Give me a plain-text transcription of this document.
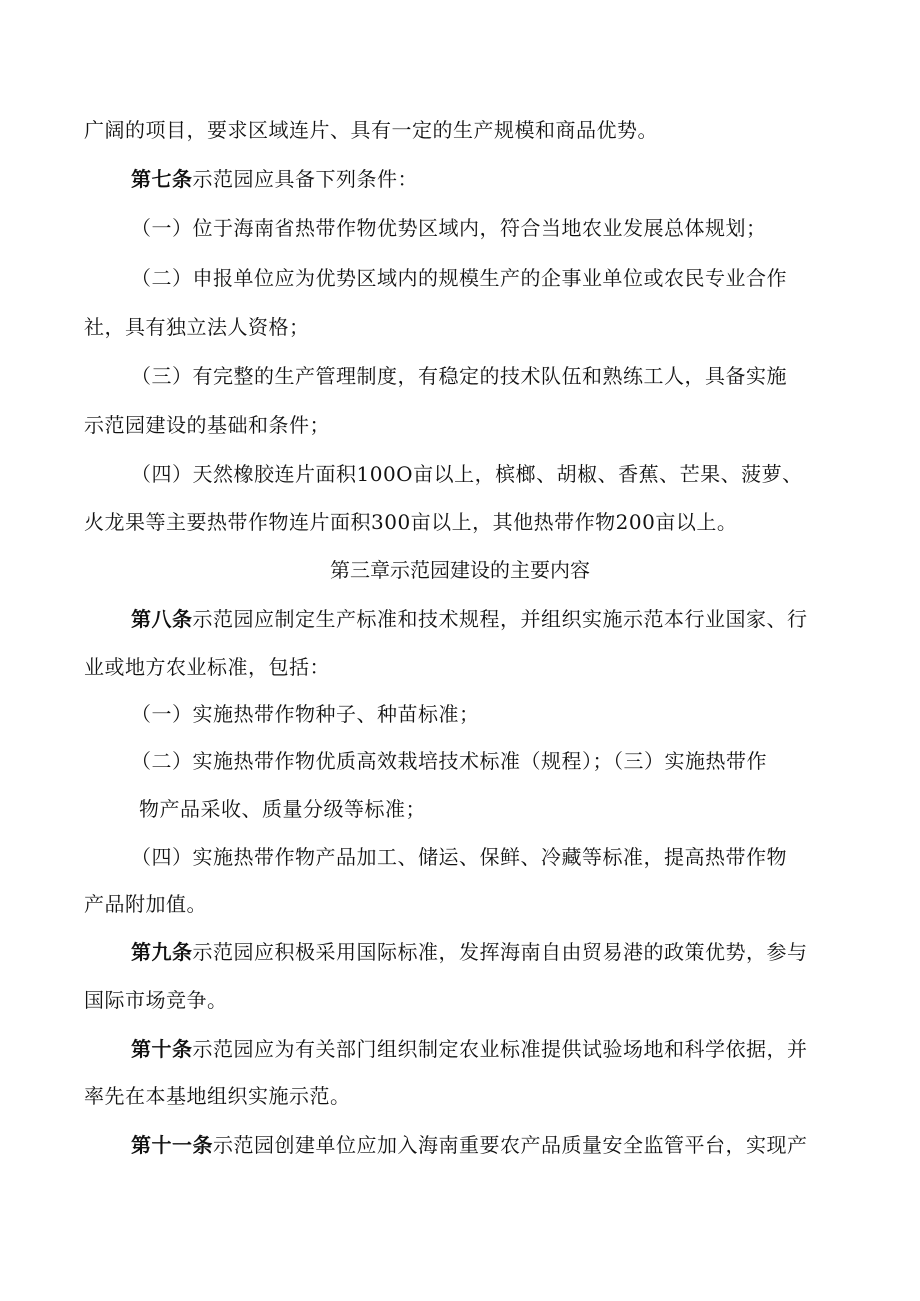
广阔的项目，要求区域连片、具有一定的生产规模和商品优势。

第七条示范园应具备下列条件：

（一）位于海南省热带作物优势区域内，符合当地农业发展总体规划；

（二）申报单位应为优势区域内的规模生产的企事业单位或农民专业合作

社，具有独立法人资格；

（三）有完整的生产管理制度，有稳定的技术队伍和熟练工人，具备实施

示范园建设的基础和条件；

（四）天然橡胶连片面积100O亩以上，槟榔、胡椒、香蕉、芒果、菠萝、

火龙果等主要热带作物连片面积300亩以上，其他热带作物200亩以上。

第三章示范园建设的主要内容

第八条示范园应制定生产标准和技术规程，并组织实施示范本行业国家、行

业或地方农业标准，包括：

（一）实施热带作物种子、种苗标准；

（二）实施热带作物优质高效栽培技术标准（规程）；（三）实施热带作

物产品采收、质量分级等标准；

（四）实施热带作物产品加工、储运、保鲜、冷藏等标准，提高热带作物

产品附加值。

第九条示范园应积极采用国际标准，发挥海南自由贸易港的政策优势，参与

国际市场竞争。

第十条示范园应为有关部门组织制定农业标准提供试验场地和科学依据，并

率先在本基地组织实施示范。

第十一条示范园创建单位应加入海南重要农产品质量安全监管平台，实现产
